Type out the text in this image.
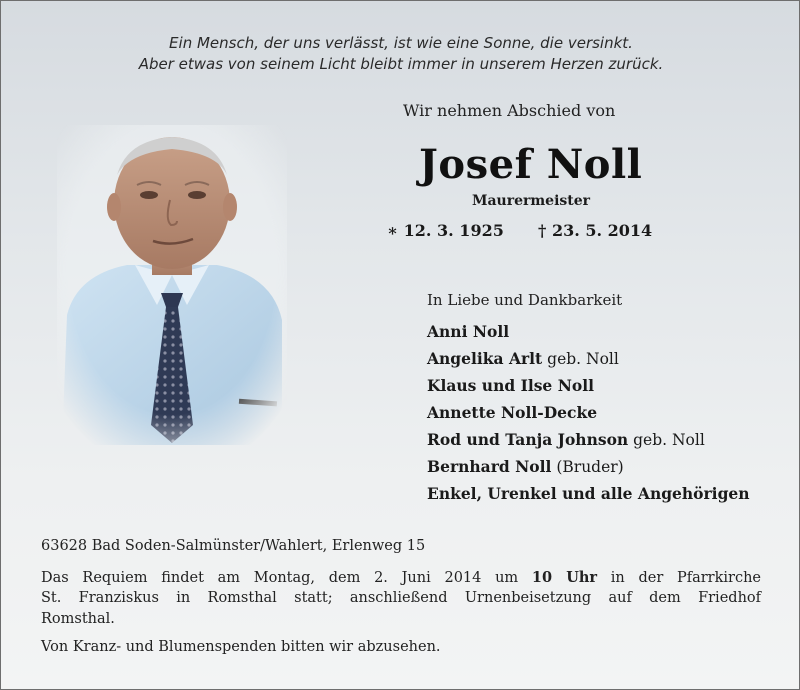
Ein Mensch, der uns verlässt, ist wie eine Sonne, die versinkt.
Aber etwas von seinem Licht bleibt immer in unserem Herzen zurück.
Wir nehmen Abschied von
Josef Noll
Maurermeister
∗ 12. 3. 1925 † 23. 5. 2014
In Liebe und Dankbarkeit
Anni Noll
Angelika Arlt geb. Noll
Klaus und Ilse Noll
Annette Noll-Decke
Rod und Tanja Johnson geb. Noll
Bernhard Noll (Bruder)
Enkel, Urenkel und alle Angehörigen
63628 Bad Soden-Salmünster/Wahlert, Erlenweg 15
Das Requiem findet am Montag, dem 2. Juni 2014 um 10 Uhr in der Pfarrkirche
St. Franziskus in Romsthal statt; anschließend Urnenbeisetzung auf dem Friedhof
Romsthal.
Von Kranz- und Blumenspenden bitten wir abzusehen.
